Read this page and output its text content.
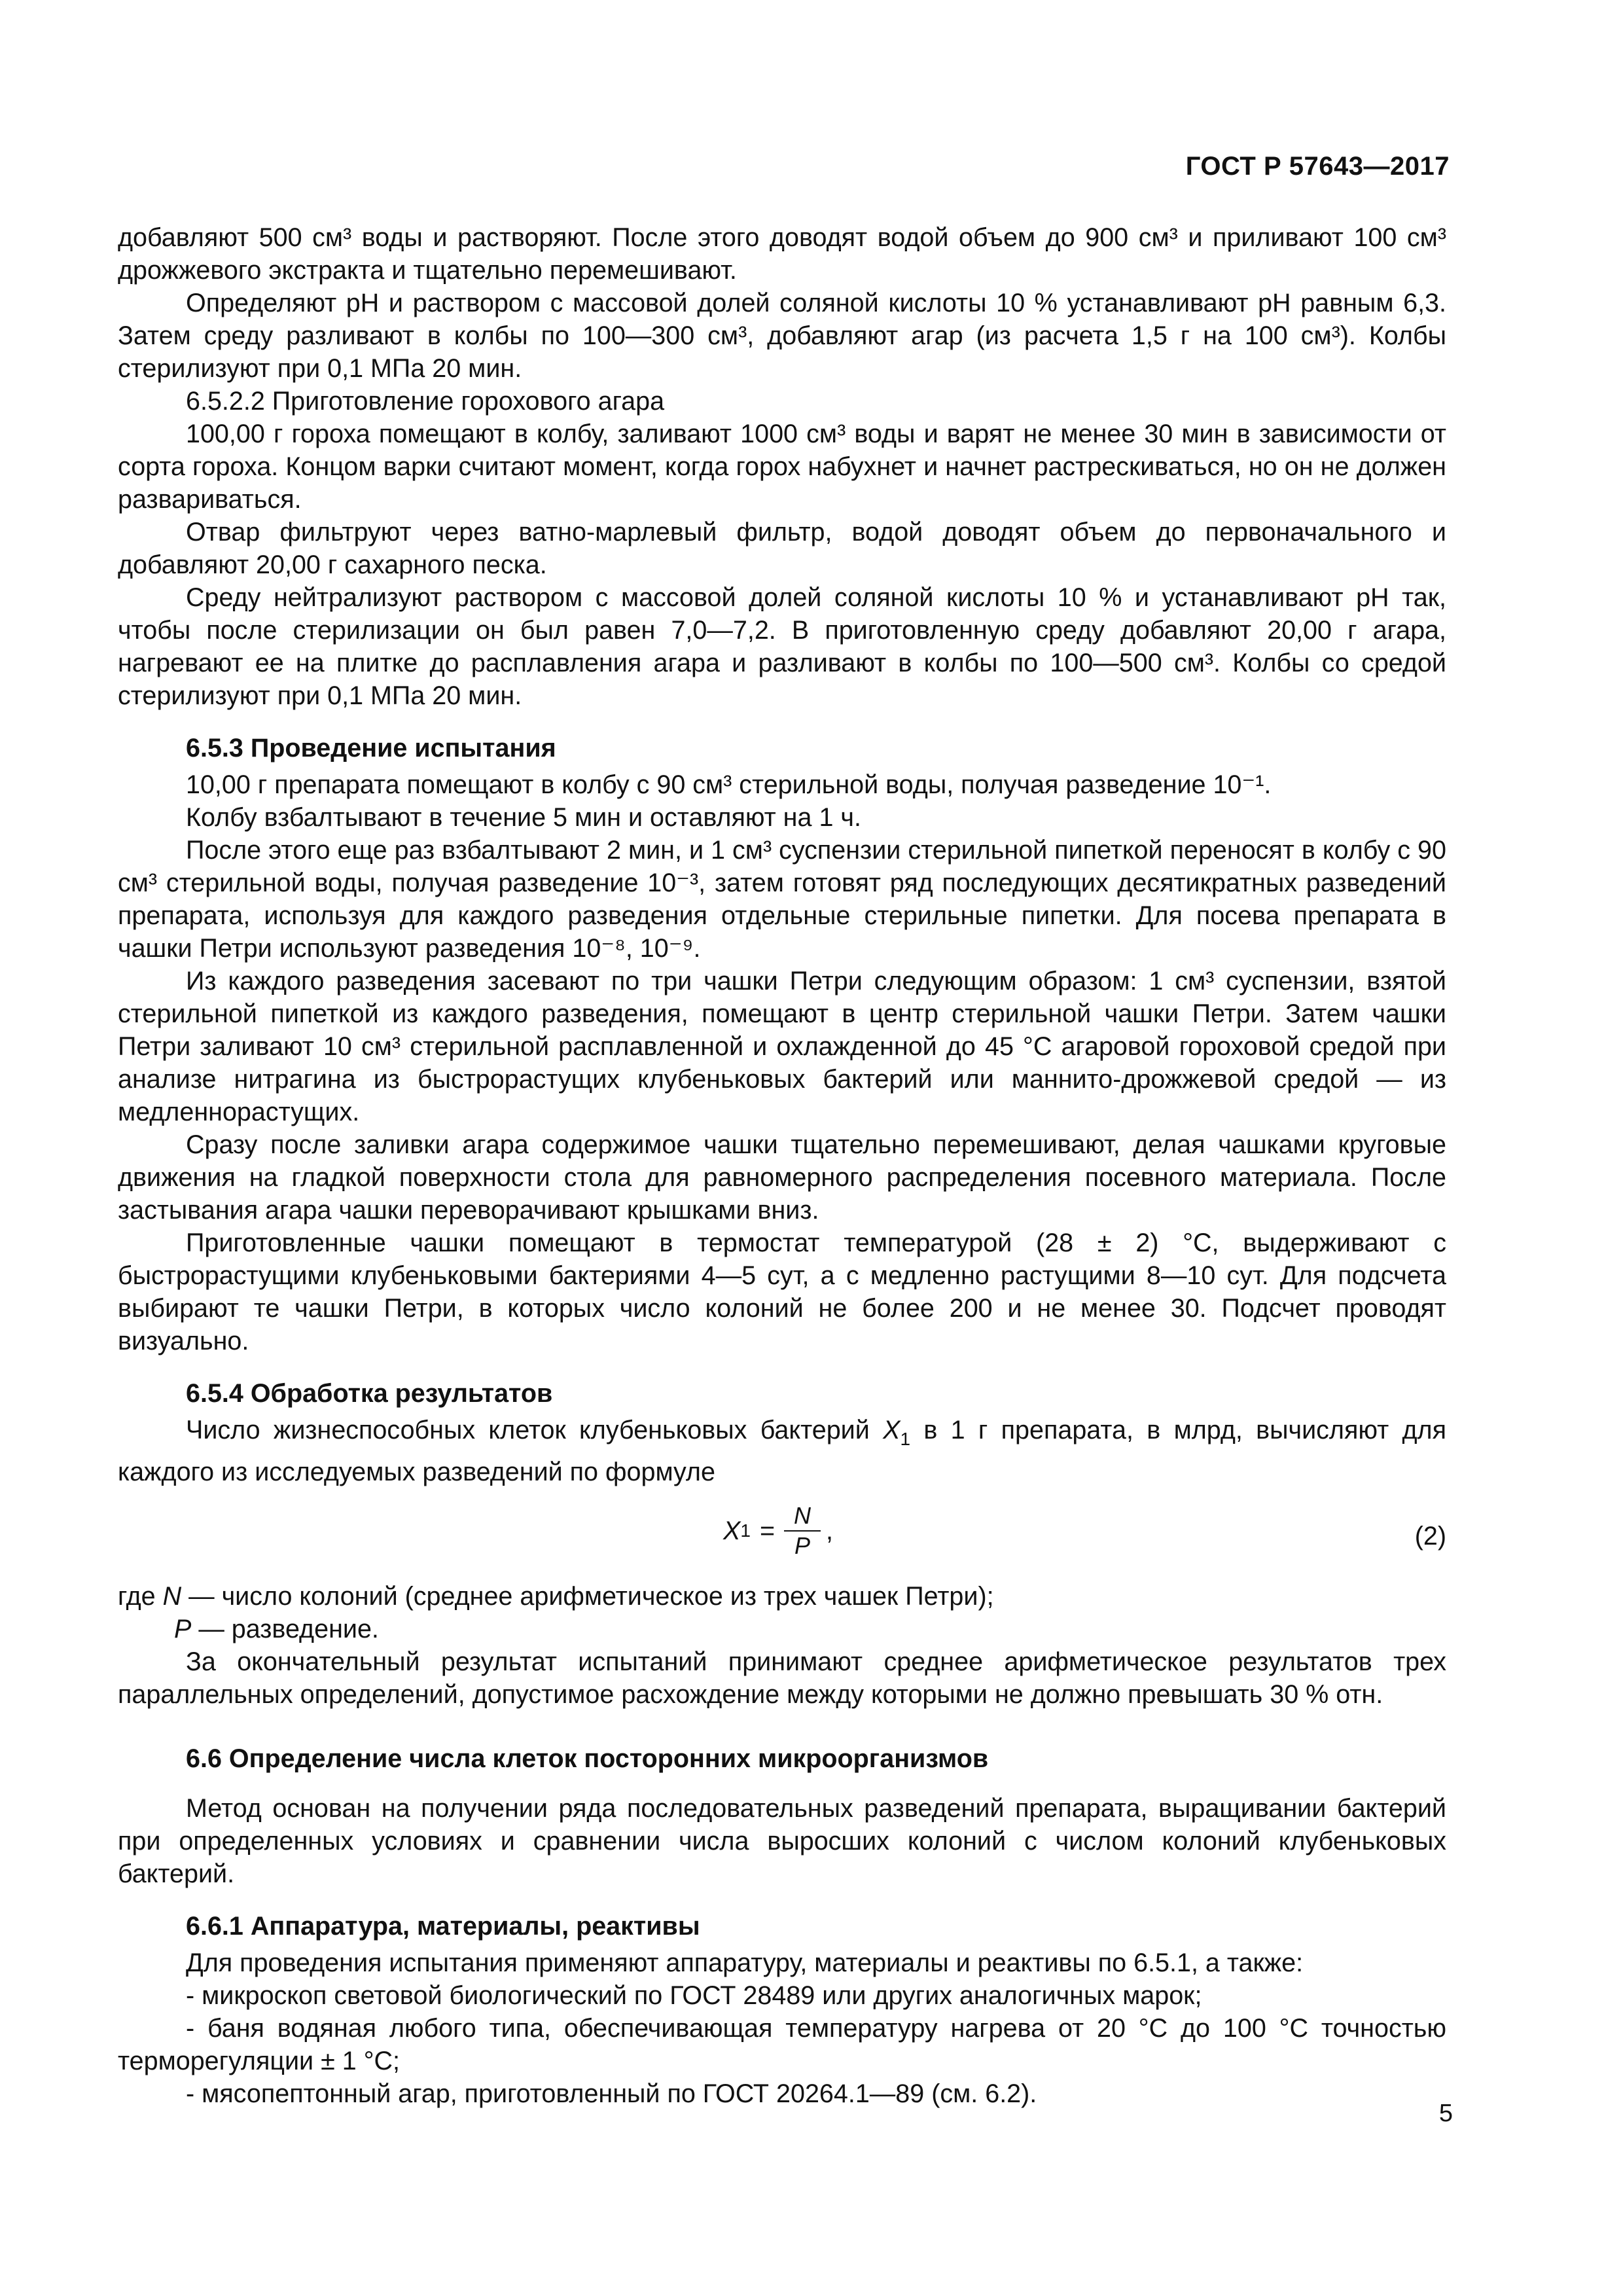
ГОСТ Р 57643—2017

добавляют 500 см³ воды и растворяют. После этого доводят водой объем до 900 см³ и приливают 100 см³ дрожжевого экстракта и тщательно перемешивают.

Определяют pH и раствором с массовой долей соляной кислоты 10 % устанавливают pH равным 6,3. Затем среду разливают в колбы по 100—300 см³, добавляют агар (из расчета 1,5 г на 100 см³). Колбы стерилизуют при 0,1 МПа 20 мин.

6.5.2.2 Приготовление горохового агара

100,00 г гороха помещают в колбу, заливают 1000 см³ воды и варят не менее 30 мин в зависимости от сорта гороха. Концом варки считают момент, когда горох набухнет и начнет растрескиваться, но он не должен развариваться.

Отвар фильтруют через ватно-марлевый фильтр, водой доводят объем до первоначального и добавляют 20,00 г сахарного песка.

Среду нейтрализуют раствором с массовой долей соляной кислоты 10 % и устанавливают pH так, чтобы после стерилизации он был равен 7,0—7,2. В приготовленную среду добавляют 20,00 г агара, нагревают ее на плитке до расплавления агара и разливают в колбы по 100—500 см³. Колбы со средой стерилизуют при 0,1 МПа 20 мин.

6.5.3 Проведение испытания

10,00 г препарата помещают в колбу с 90 см³ стерильной воды, получая разведение 10⁻¹.

Колбу взбалтывают в течение 5 мин и оставляют на 1 ч.

После этого еще раз взбалтывают 2 мин, и 1 см³ суспензии стерильной пипеткой переносят в колбу с 90 см³ стерильной воды, получая разведение 10⁻³, затем готовят ряд последующих десятикратных разведений препарата, используя для каждого разведения отдельные стерильные пипетки. Для посева препарата в чашки Петри используют разведения 10⁻⁸, 10⁻⁹.

Из каждого разведения засевают по три чашки Петри следующим образом: 1 см³ суспензии, взятой стерильной пипеткой из каждого разведения, помещают в центр стерильной чашки Петри. Затем чашки Петри заливают 10 см³ стерильной расплавленной и охлажденной до 45 °С агаровой гороховой средой при анализе нитрагина из быстрорастущих клубеньковых бактерий или маннито-дрожжевой средой — из медленнорастущих.

Сразу после заливки агара содержимое чашки тщательно перемешивают, делая чашками круговые движения на гладкой поверхности стола для равномерного распределения посевного материала. После застывания агара чашки переворачивают крышками вниз.

Приготовленные чашки помещают в термостат температурой (28 ± 2) °С, выдерживают с быстрорастущими клубеньковыми бактериями 4—5 сут, а с медленно растущими 8—10 сут. Для подсчета выбирают те чашки Петри, в которых число колоний не более 200 и не менее 30. Подсчет проводят визуально.

6.5.4 Обработка результатов

Число жизнеспособных клеток клубеньковых бактерий $X_1$ в 1 г препарата, в млрд, вычисляют для каждого из исследуемых разведений по формуле

X $1 = \frac{N}{P}$ ,	(2)

где N — число колоний (среднее арифметическое из трех чашек Петри);

P — разведение.

За окончательный результат испытаний принимают среднее арифметическое результатов трех параллельных определений, допустимое расхождение между которыми не должно превышать 30 % отн.

6.6 Определение числа клеток посторонних микроорганизмов

Метод основан на получении ряда последовательных разведений препарата, выращивании бактерий при определенных условиях и сравнении числа выросших колоний с числом колоний клубеньковых бактерий.

6.6.1 Аппаратура, материалы, реактивы

Для проведения испытания применяют аппаратуру, материалы и реактивы по 6.5.1, а также:

- микроскоп световой биологический по ГОСТ 28489 или других аналогичных марок;

- баня водяная любого типа, обеспечивающая температуру нагрева от 20 °С до 100 °С точностью терморегуляции ± 1 °С;

- мясопептонный агар, приготовленный по ГОСТ 20264.1—89 (см. 6.2).

5
